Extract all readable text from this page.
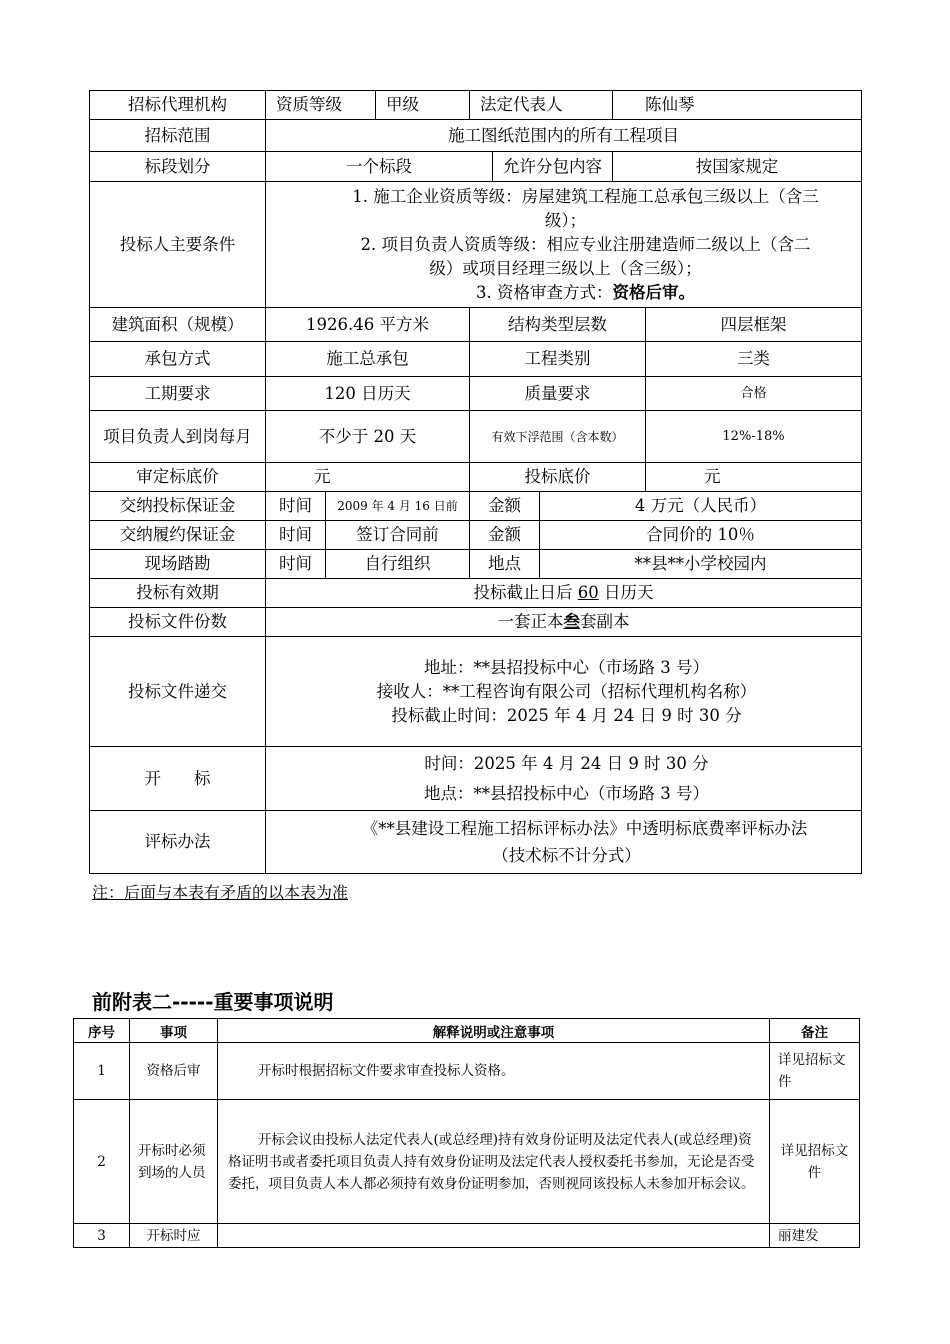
招标代理机构	资质等级		甲级	法定代表人			陈仙琴	
招标范围	施工图纸范围内的所有工程项目							
标段划分	一个标段				允许分包内容		按国家规定	
投标人主要条件	1. 施工企业资质等级：房屋建筑工程施工总承包三级以上（含三

级）；

2. 项目负责人资质等级：相应专业注册建造师二级以上（含二

级）或项目经理三级以上（含三级）；

3. 资格审查方式：资格后审。							

建筑面积（规模）	1926.46 平方米			结构类型层数				四层框架
承包方式	施工总承包			工程类别				三类
工期要求	120 日历天			质量要求				合格
项目负责人到岗每月	不少于 20 天			有效下浮范围（含本数）				12%-18%
审定标底价	元			投标底价				元
交纳投标保证金	时间	2009 年 4 月 16 日前		金额		4 万元（人民币）		
交纳履约保证金	时间	签订合同前		金额		合同价的 10％		
现场踏勘	时间	自行组织		地点		**县**小学校园内		
投标有效期	投标截止日后 60 日历天							
投标文件份数	一套正本叁套副本							
投标文件递交	地址：**县招投标中心（市场路 3 号）

接收人：**工程咨询有限公司（招标代理机构名称）

投标截止时间：2025 年 4 月 24 日 9 时 30 分							

开　　标	时间：2025 年 4 月 24 日 9 时 30 分

地点：**县招投标中心（市场路 3 号）							

评标办法	《**县建设工程施工招标评标办法》中透明标底费率评标办法

（技术标不计分式）							

注：后面与本表有矛盾的以本表为准
前附表二-----重要事项说明
序号	事项	解释说明或注意事项	备注
1	资格后审	开标时根据招标文件要求审查投标人资格。	详见招标文件
2	开标时必须到场的人员	开标会议由投标人法定代表人(或总经理)持有效身份证明及法定代表人(或总经理)资格证明书或者委托项目负责人持有效身份证明及法定代表人授权委托书参加，无论是否受委托，项目负责人本人都必须持有效身份证明参加，否则视同该投标人未参加开标会议。	详见招标文件
3	开标时应		丽建发
